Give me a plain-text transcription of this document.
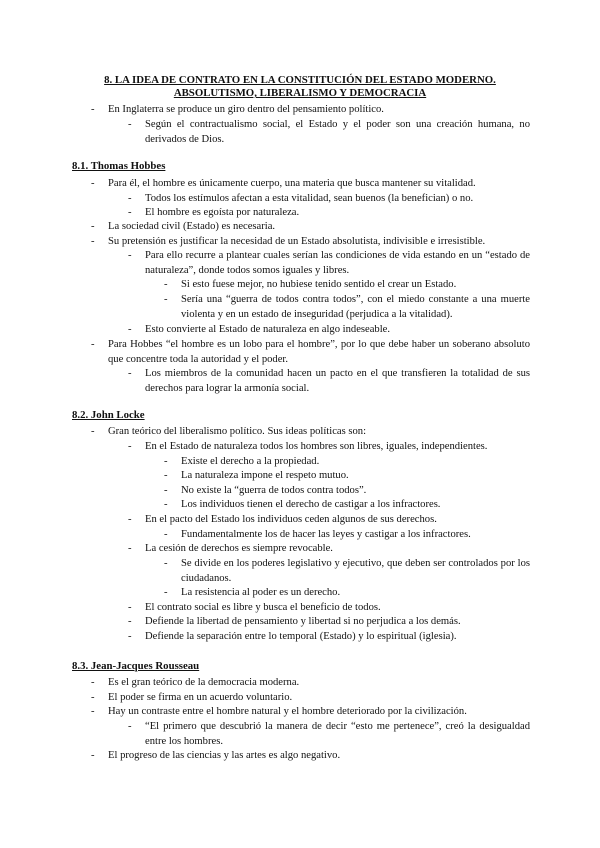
8. LA IDEA DE CONTRATO EN LA CONSTITUCIÓN DEL ESTADO MODERNO.
ABSOLUTISMO, LIBERALISMO Y DEMOCRACIA
- En Inglaterra se produce un giro dentro del pensamiento político.
- Según el contractualismo social, el Estado y el poder son una creación humana, no derivados de Dios.
8.1. Thomas Hobbes
- Para él, el hombre es únicamente cuerpo, una materia que busca mantener su vitalidad.
- Todos los estímulos afectan a esta vitalidad, sean buenos (la benefician) o no.
- El hombre es egoísta por naturaleza.
- La sociedad civil (Estado) es necesaria.
- Su pretensión es justificar la necesidad de un Estado absolutista, indivisible e irresistible.
- Para ello recurre a plantear cuales serían las condiciones de vida estando en un “estado de naturaleza”, donde todos somos iguales y libres.
- Si esto fuese mejor, no hubiese tenido sentido el crear un Estado.
- Sería una “guerra de todos contra todos”, con el miedo constante a una muerte violenta y en un estado de inseguridad (perjudica a la vitalidad).
- Esto convierte al Estado de naturaleza en algo indeseable.
- Para Hobbes “el hombre es un lobo para el hombre”, por lo que debe haber un soberano absoluto que concentre toda la autoridad y el poder.
- Los miembros de la comunidad hacen un pacto en el que transfieren la totalidad de sus derechos para lograr la armonía social.
8.2. John Locke
- Gran teórico del liberalismo político. Sus ideas políticas son:
- En el Estado de naturaleza todos los hombres son libres, iguales, independientes.
- Existe el derecho a la propiedad.
- La naturaleza impone el respeto mutuo.
- No existe la “guerra de todos contra todos”.
- Los individuos tienen el derecho de castigar a los infractores.
- En el pacto del Estado los individuos ceden algunos de sus derechos.
- Fundamentalmente los de hacer las leyes y castigar a los infractores.
- La cesión de derechos es siempre revocable.
- Se divide en los poderes legislativo y ejecutivo, que deben ser controlados por los ciudadanos.
- La resistencia al poder es un derecho.
- El contrato social es libre y busca el beneficio de todos.
- Defiende la libertad de pensamiento y libertad si no perjudica a los demás.
- Defiende la separación entre lo temporal (Estado) y lo espiritual (iglesia).
8.3. Jean-Jacques Rousseau
- Es el gran teórico de la democracia moderna.
- El poder se firma en un acuerdo voluntario.
- Hay un contraste entre el hombre natural y el hombre deteriorado por la civilización.
- “El primero que descubrió la manera de decir “esto me pertenece”, creó la desigualdad entre los hombres.
- El progreso de las ciencias y las artes es algo negativo.
